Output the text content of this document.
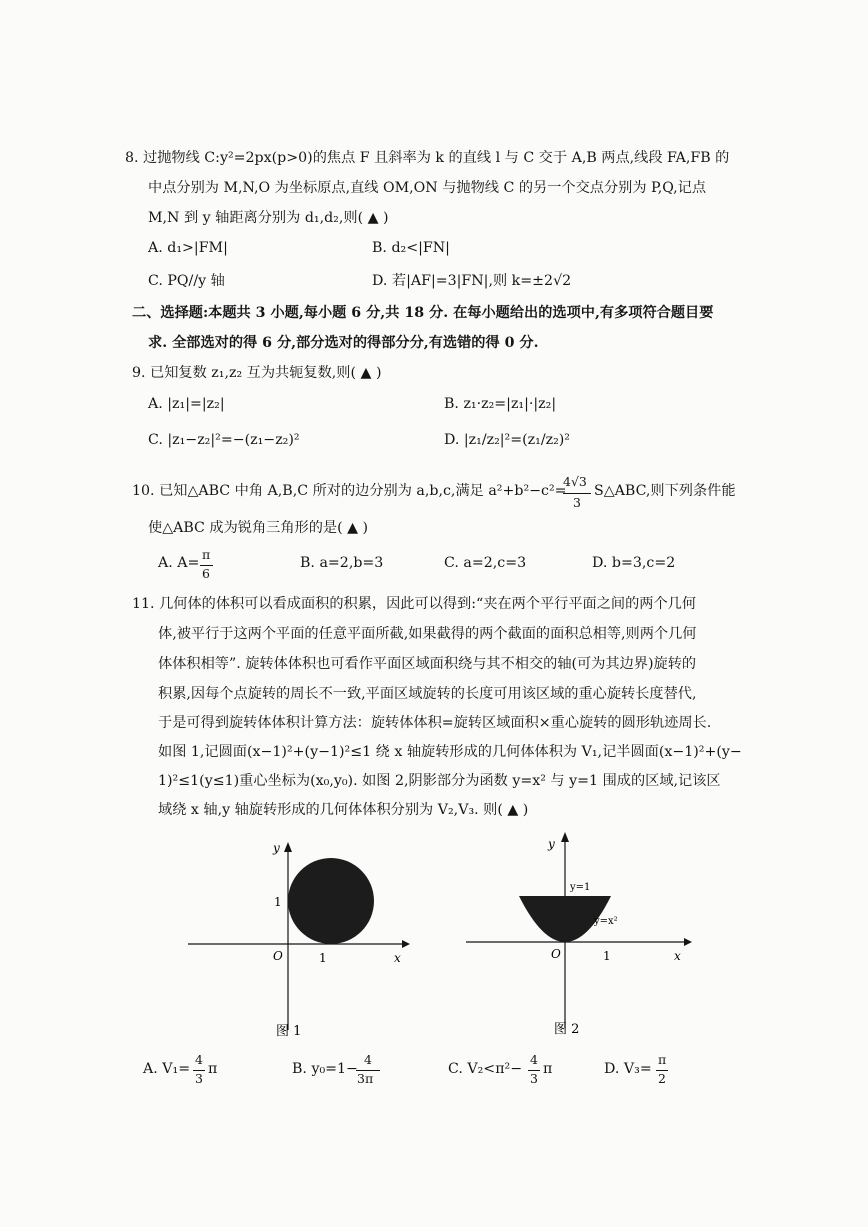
8. 过抛物线 C:y²=2px(p>0)的焦点 F 且斜率为 k 的直线 l 与 C 交于 A,B 两点,线段 FA,FB 的
中点分别为 M,N,O 为坐标原点,直线 OM,ON 与抛物线 C 的另一个交点分别为 P,Q,记点
M,N 到 y 轴距离分别为 d₁,d₂,则( ▲ )
A. d₁>|FM|	B. d₂<|FN|
C. PQ//y 轴	D. 若|AF|=3|FN|,则 k=±2√2
二、选择题:本题共 3 小题,每小题 6 分,共 18 分. 在每小题给出的选项中,有多项符合题目要
求. 全部选对的得 6 分,部分选对的得部分分,有选错的得 0 分.
9. 已知复数 z₁,z₂ 互为共轭复数,则( ▲ )
A. |z₁|=|z₂|	B. z₁·z₂=|z₁|·|z₂|
C. |z₁−z₂|²=−(z₁−z₂)²	D. |z₁/z₂|²=(z₁/z₂)²
10. 已知△ABC 中角 A,B,C 所对的边分别为 a,b,c,满足 a²+b²−c²=
4√3
3
S△ABC,则下列条件能
使△ABC 成为锐角三角形的是( ▲ )
A. A=
π
6
B. a=2,b=3	C. a=2,c=3	D. b=3,c=2
11. 几何体的体积可以看成面积的积累，因此可以得到:“夹在两个平行平面之间的两个几何
体,被平行于这两个平面的任意平面所截,如果截得的两个截面的面积总相等,则两个几何
体体积相等”. 旋转体体积也可看作平面区域面积绕与其不相交的轴(可为其边界)旋转的
积累,因每个点旋转的周长不一致,平面区域旋转的长度可用该区域的重心旋转长度替代,
于是可得到旋转体体积计算方法：旋转体体积=旋转区域面积×重心旋转的圆形轨迹周长.
如图 1,记圆面(x−1)²+(y−1)²≤1 绕 x 轴旋转形成的几何体体积为 V₁,记半圆面(x−1)²+(y−
1)²≤1(y≤1)重心坐标为(x₀,y₀). 如图 2,阴影部分为函数 y=x² 与 y=1 围成的区域,记该区
域绕 x 轴,y 轴旋转形成的几何体体积分别为 V₂,V₃. 则( ▲ )
y
x
O	1
1
图 1
y
x
O	1
y=1
y=x²
图 2
A. V₁=
4
3
π	B. y₀=1−
4
3π
C. V₂<π²−
4
3
π	D. V₃=
π
2
